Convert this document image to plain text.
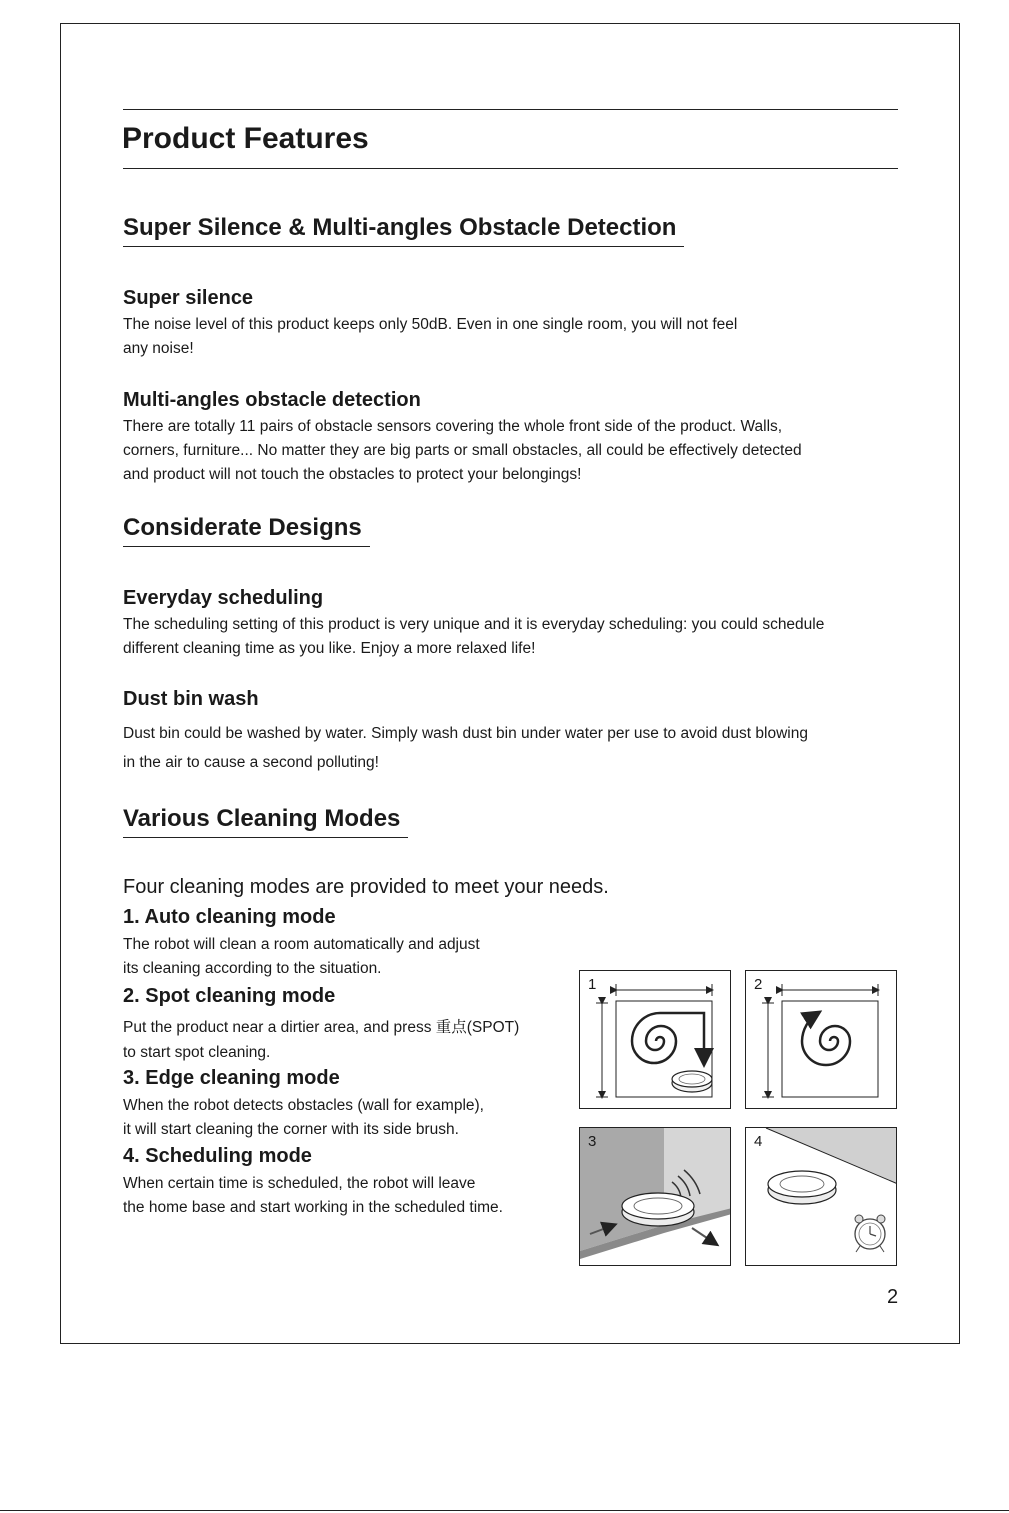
Product Features
Super Silence & Multi-angles Obstacle Detection
Super silence
The noise level of this product keeps only 50dB. Even in one single room, you will not feel
any noise!
Multi-angles obstacle detection
There are totally 11 pairs of obstacle sensors covering the whole front side of the product. Walls,
corners, furniture... No matter they are big parts or small obstacles, all could be effectively detected
and product will not touch the obstacles to protect your belongings!
Considerate Designs
Everyday scheduling
The scheduling setting of this product is very unique and it is everyday scheduling: you could schedule
different cleaning time as you like. Enjoy a more relaxed life!
Dust bin wash
Dust bin could be washed by water. Simply wash dust bin under water per use to avoid dust blowing
in the air to cause a second polluting!
Various Cleaning Modes
Four cleaning modes are provided to meet your needs.
1. Auto cleaning mode
The robot will clean a room automatically and adjust
its cleaning according to the situation.
2. Spot cleaning mode
Put the product near a dirtier area, and press 重点(SPOT)
to start spot cleaning.
3. Edge cleaning mode
When the robot detects obstacles (wall for example),
it will start cleaning the corner with its side brush.
4. Scheduling mode
When certain time is scheduled, the robot will leave
the home base and start working in the scheduled time.
1	2
3	4
2
